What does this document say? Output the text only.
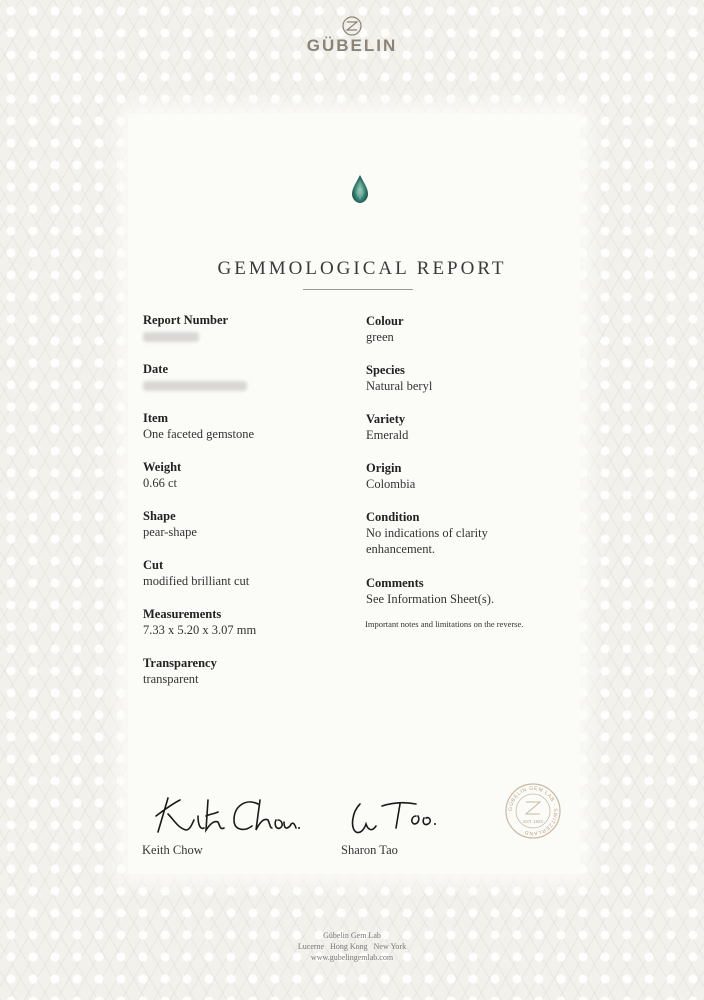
GÜBELIN
GEMMOLOGICAL REPORT
Report Number
Date
Item
One faceted gemstone
Weight
0.66 ct
Shape
pear-shape
Cut
modified brilliant cut
Measurements
7.33 x 5.20 x 3.07 mm
Transparency
transparent
Colour
green
Species
Natural beryl
Variety
Emerald
Origin
Colombia
Condition
No indications of clarity
enhancement.
Comments
See Information Sheet(s).
Important notes and limitations on the reverse.
Keith Chow	Sharon Tao
GÜBELIN GEM LAB · SWITZERLAND ·
EST. 1923
Gübelin Gem Lab
Lucerne   Hong Kong   New York
www.gubelingemlab.com
